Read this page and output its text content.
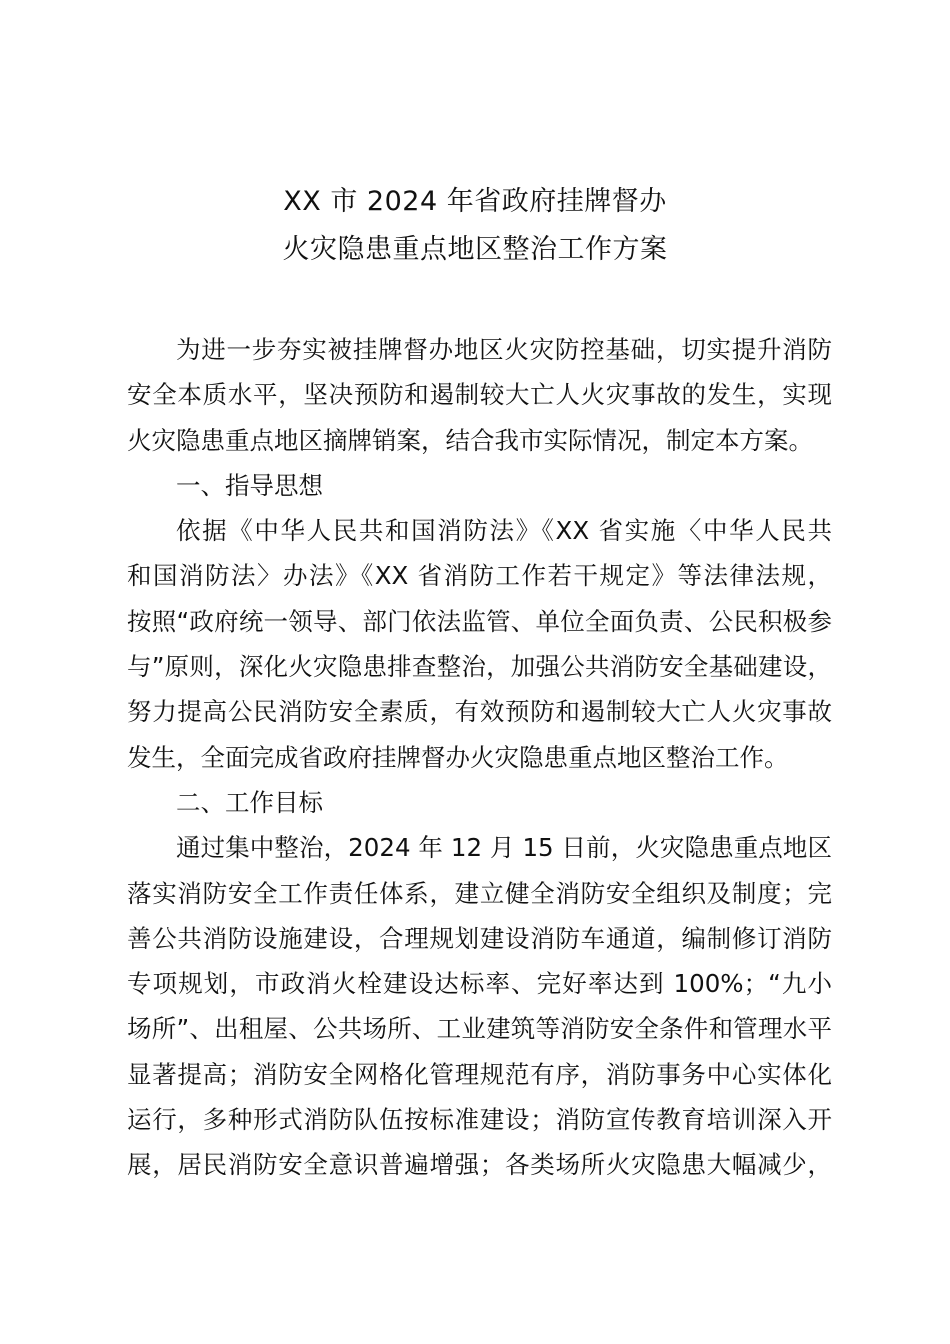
XX 市 2024 年省政府挂牌督办
火灾隐患重点地区整治工作方案
为进一步夯实被挂牌督办地区火灾防控基础，切实提升消防
安全本质水平，坚决预防和遏制较大亡人火灾事故的发生，实现
火灾隐患重点地区摘牌销案，结合我市实际情况，制定本方案。
一、指导思想
依据《中华人民共和国消防法》《XX 省实施〈中华人民共
和国消防法〉办法》《XX 省消防工作若干规定》等法律法规，
按照“政府统一领导、部门依法监管、单位全面负责、公民积极参
与”原则，深化火灾隐患排查整治，加强公共消防安全基础建设，
努力提高公民消防安全素质，有效预防和遏制较大亡人火灾事故
发生，全面完成省政府挂牌督办火灾隐患重点地区整治工作。
二、工作目标
通过集中整治，2024 年 12 月 15 日前，火灾隐患重点地区
落实消防安全工作责任体系，建立健全消防安全组织及制度；完
善公共消防设施建设，合理规划建设消防车通道，编制修订消防
专项规划，市政消火栓建设达标率、完好率达到 100%；“九小
场所”、出租屋、公共场所、工业建筑等消防安全条件和管理水平
显著提高；消防安全网格化管理规范有序，消防事务中心实体化
运行，多种形式消防队伍按标准建设；消防宣传教育培训深入开
展，居民消防安全意识普遍增强；各类场所火灾隐患大幅减少，
